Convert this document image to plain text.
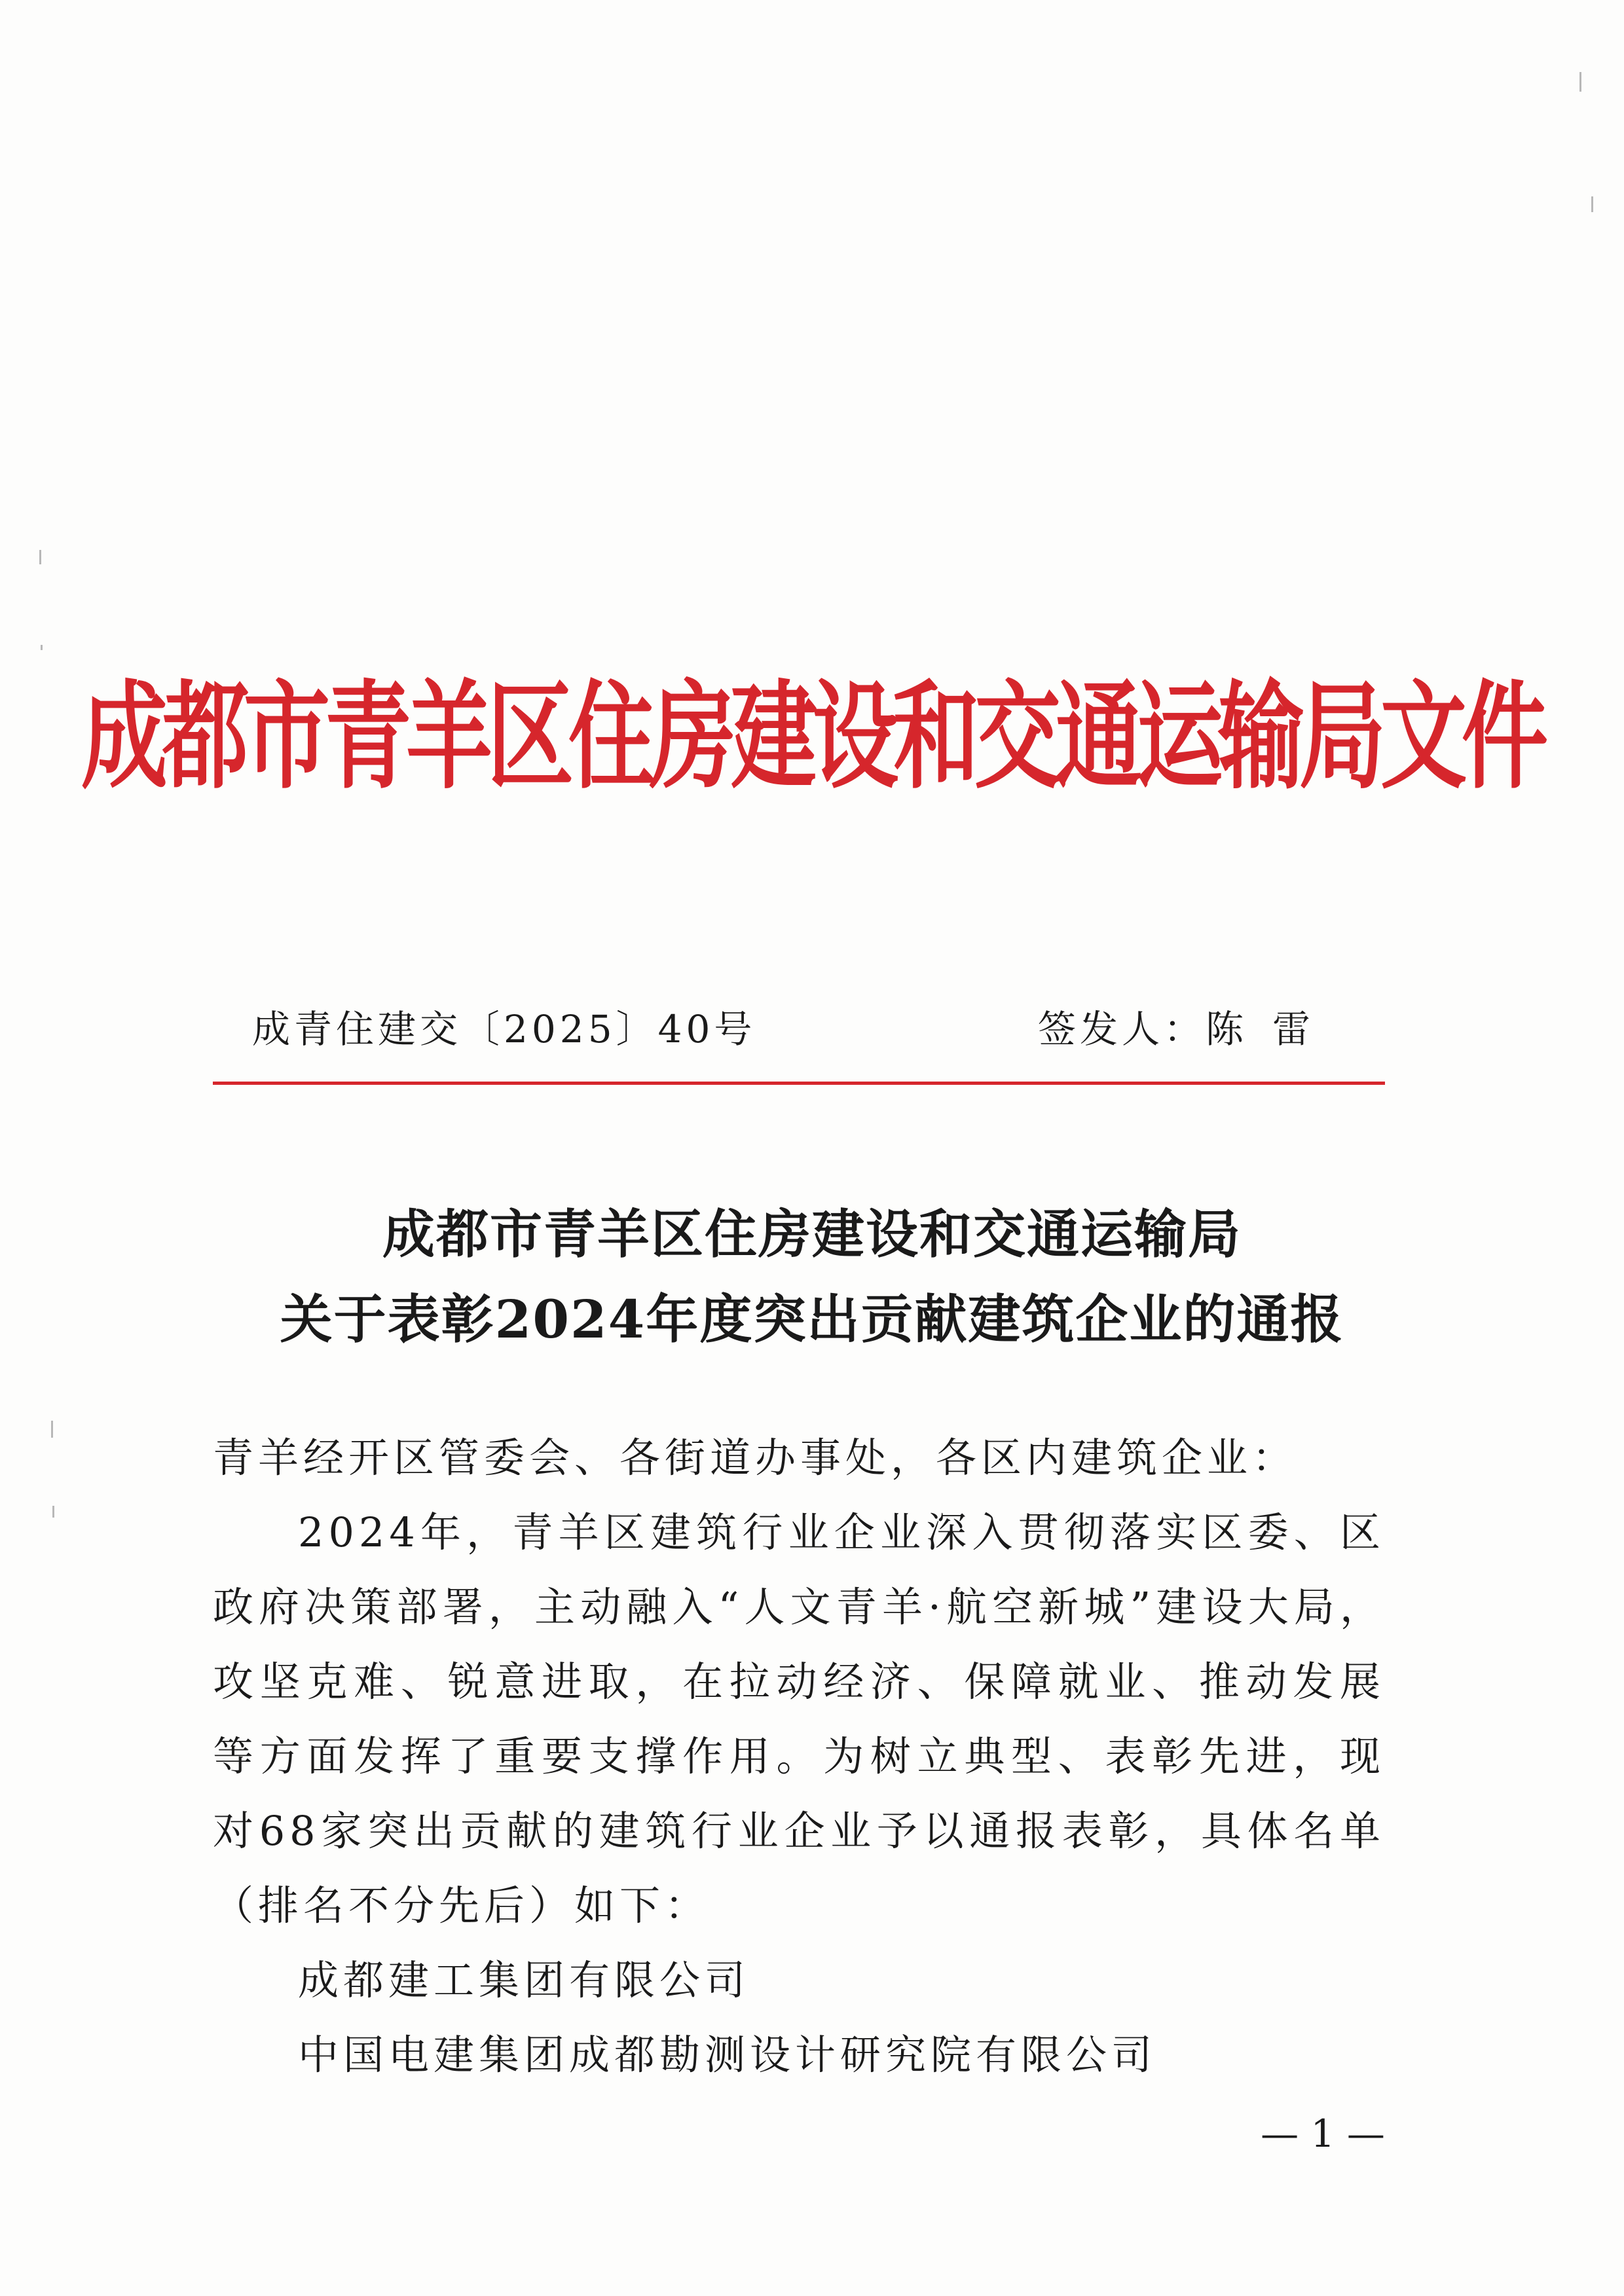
成都市青羊区住房建设和交通运输局文件
成青住建交〔2025〕40号	签发人：陈雷
成都市青羊区住房建设和交通运输局
关于表彰2024年度突出贡献建筑企业的通报
青羊经开区管委会、各街道办事处，各区内建筑企业：
2024年，青羊区建筑行业企业深入贯彻落实区委、区政府决策部署，主动融入“人文青羊·航空新城”建设大局，攻坚克难、锐意进取，在拉动经济、保障就业、推动发展等方面发挥了重要支撑作用。为树立典型、表彰先进，现对68家突出贡献的建筑行业企业予以通报表彰，具体名单（排名不分先后）如下：
成都建工集团有限公司
中国电建集团成都勘测设计研究院有限公司
— 1 —
